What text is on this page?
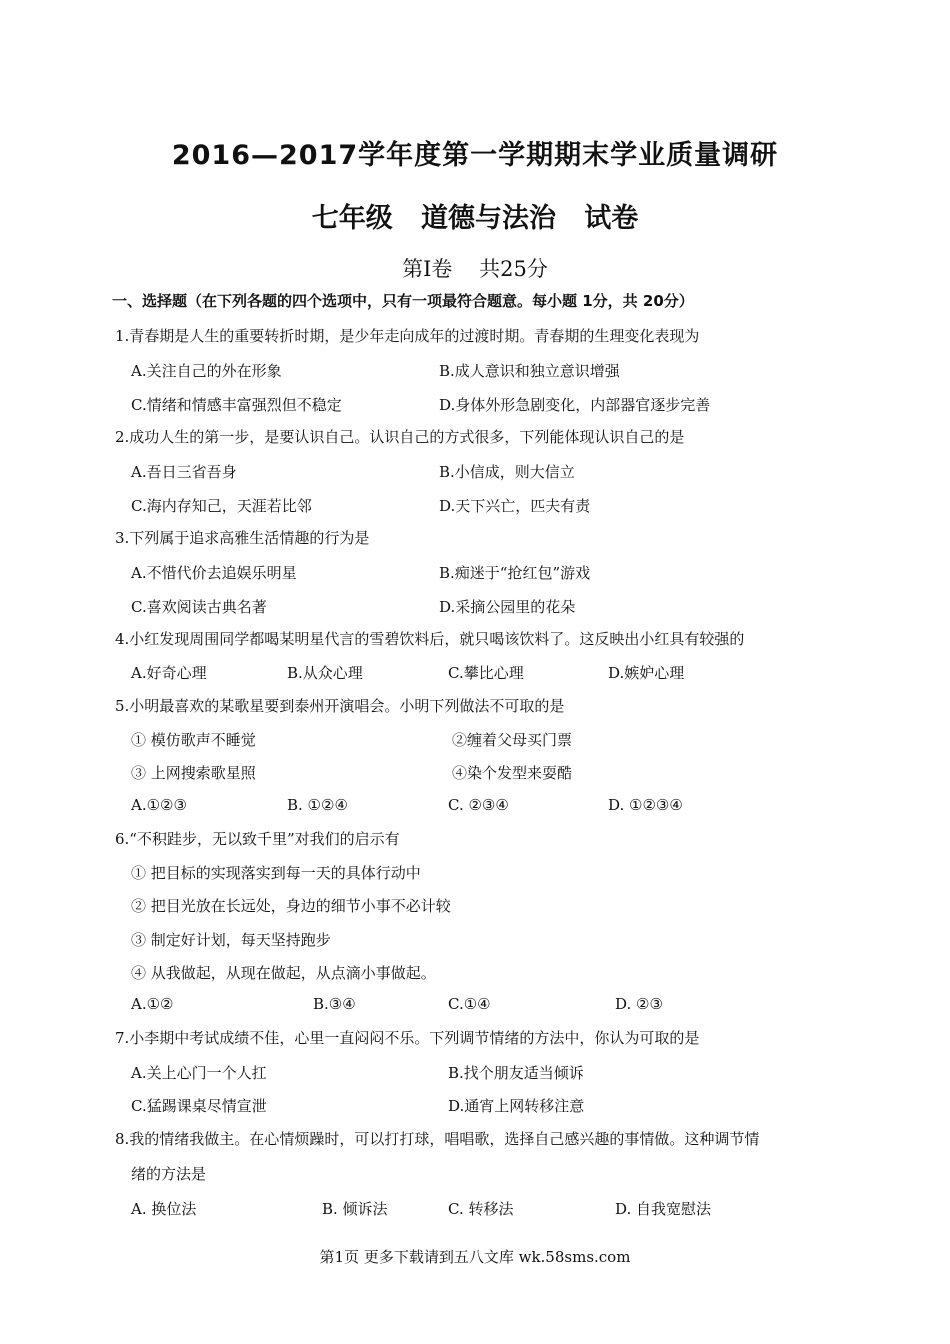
2016—2017学年度第一学期期末学业质量调研
七年级   道德与法治   试卷
第Ⅰ卷    共25分
一、选择题（在下列各题的四个选项中，只有一项最符合题意。每小题 1分，共 20分）
1.青春期是人生的重要转折时期，是少年走向成年的过渡时期。青春期的生理变化表现为
A.关注自己的外在形象	B.成人意识和独立意识增强
C.情绪和情感丰富强烈但不稳定	D.身体外形急剧变化，内部器官逐步完善
2.成功人生的第一步，是要认识自己。认识自己的方式很多，下列能体现认识自己的是
A.吾日三省吾身	B.小信成，则大信立
C.海内存知己，天涯若比邻	D.天下兴亡，匹夫有责
3.下列属于追求高雅生活情趣的行为是
A.不惜代价去追娱乐明星	B.痴迷于“抢红包”游戏
C.喜欢阅读古典名著	D.采摘公园里的花朵
4.小红发现周围同学都喝某明星代言的雪碧饮料后，就只喝该饮料了。这反映出小红具有较强的
A.好奇心理	B.从众心理	C.攀比心理	D.嫉妒心理
5.小明最喜欢的某歌星要到泰州开演唱会。小明下列做法不可取的是
① 模仿歌声不睡觉	②缠着父母买门票
③ 上网搜索歌星照	④染个发型来耍酷
A.①②③	B. ①②④	C. ②③④	D. ①②③④
6.“不积跬步，无以致千里”对我们的启示有
① 把目标的实现落实到每一天的具体行动中
② 把目光放在长远处，身边的细节小事不必计较
③ 制定好计划，每天坚持跑步
④ 从我做起，从现在做起，从点滴小事做起。
A.①②	B.③④	C.①④	D. ②③
7.小李期中考试成绩不佳，心里一直闷闷不乐。下列调节情绪的方法中，你认为可取的是
A.关上心门一个人扛	B.找个朋友适当倾诉
C.猛踢课桌尽情宣泄	D.通宵上网转移注意
8.我的情绪我做主。在心情烦躁时，可以打打球，唱唱歌，选择自己感兴趣的事情做。这种调节情
绪的方法是
A. 换位法	B. 倾诉法	C. 转移法	D. 自我宽慰法
第1页 更多下载请到五八文库 wk.58sms.com
